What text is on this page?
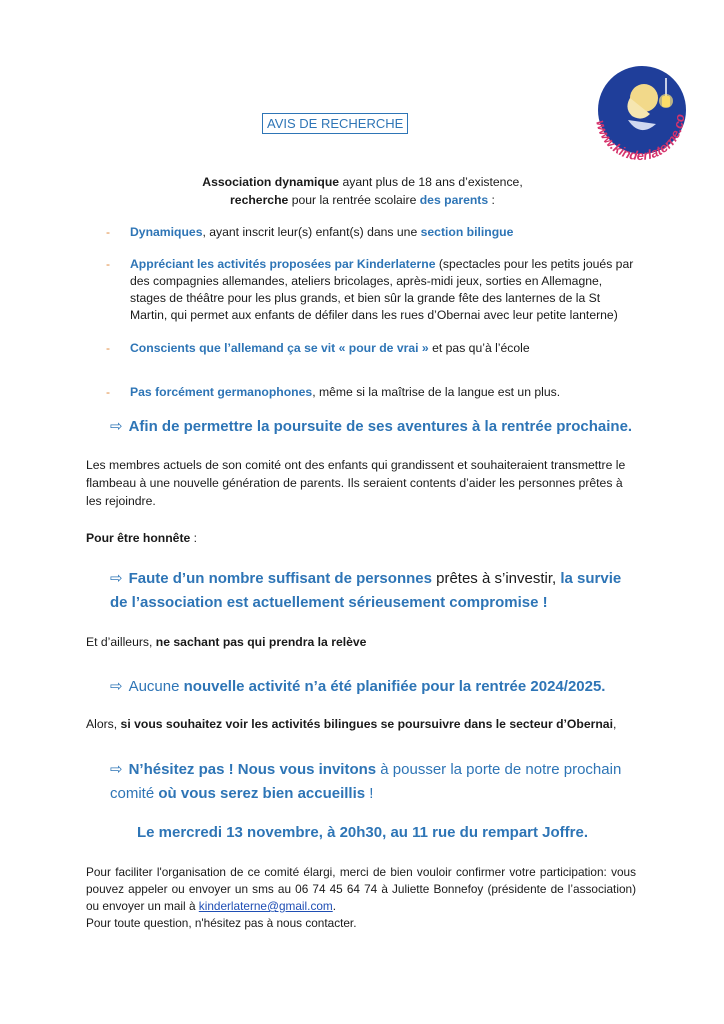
www.kinderlaterne.co
AVIS DE RECHERCHE
Association dynamique ayant plus de 18 ans d’existence,
recherche pour la rentrée scolaire des parents :
- Dynamiques, ayant inscrit leur(s) enfant(s) dans une section bilingue
- Appréciant les activités proposées par Kinderlaterne (spectacles pour les petits joués par des compagnies allemandes, ateliers bricolages, après-midi jeux, sorties en Allemagne, stages de théâtre pour les plus grands, et bien sûr la grande fête des lanternes de la St Martin, qui permet aux enfants de défiler dans les rues d’Obernai avec leur petite lanterne)
- Conscients que l’allemand ça se vit « pour de vrai » et pas qu’à l’école
- Pas forcément germanophones, même si la maîtrise de la langue est un plus.
⇨ Afin de permettre la poursuite de ses aventures à la rentrée prochaine.
Les membres actuels de son comité ont des enfants qui grandissent et souhaiteraient transmettre le flambeau à une nouvelle génération de parents. Ils seraient contents d’aider les personnes prêtes à les rejoindre.
Pour être honnête :
⇨ Faute d’un nombre suffisant de personnes prêtes à s’investir, la survie de l’association est actuellement sérieusement compromise !
Et d’ailleurs, ne sachant pas qui prendra la relève
⇨ Aucune nouvelle activité n’a été planifiée pour la rentrée 2024/2025.
Alors, si vous souhaitez voir les activités bilingues se poursuivre dans le secteur d’Obernai,
⇨ N’hésitez pas ! Nous vous invitons à pousser la porte de notre prochain comité où vous serez bien accueillis !
Le mercredi 13 novembre, à 20h30, au 11 rue du rempart Joffre.
Pour faciliter l'organisation de ce comité élargi, merci de bien vouloir confirmer votre participation: vous pouvez appeler ou envoyer un sms au 06 74 45 64 74 à Juliette Bonnefoy (présidente de l’association) ou envoyer un mail à kinderlaterne@gmail.com.
Pour toute question, n'hésitez pas à nous contacter.
